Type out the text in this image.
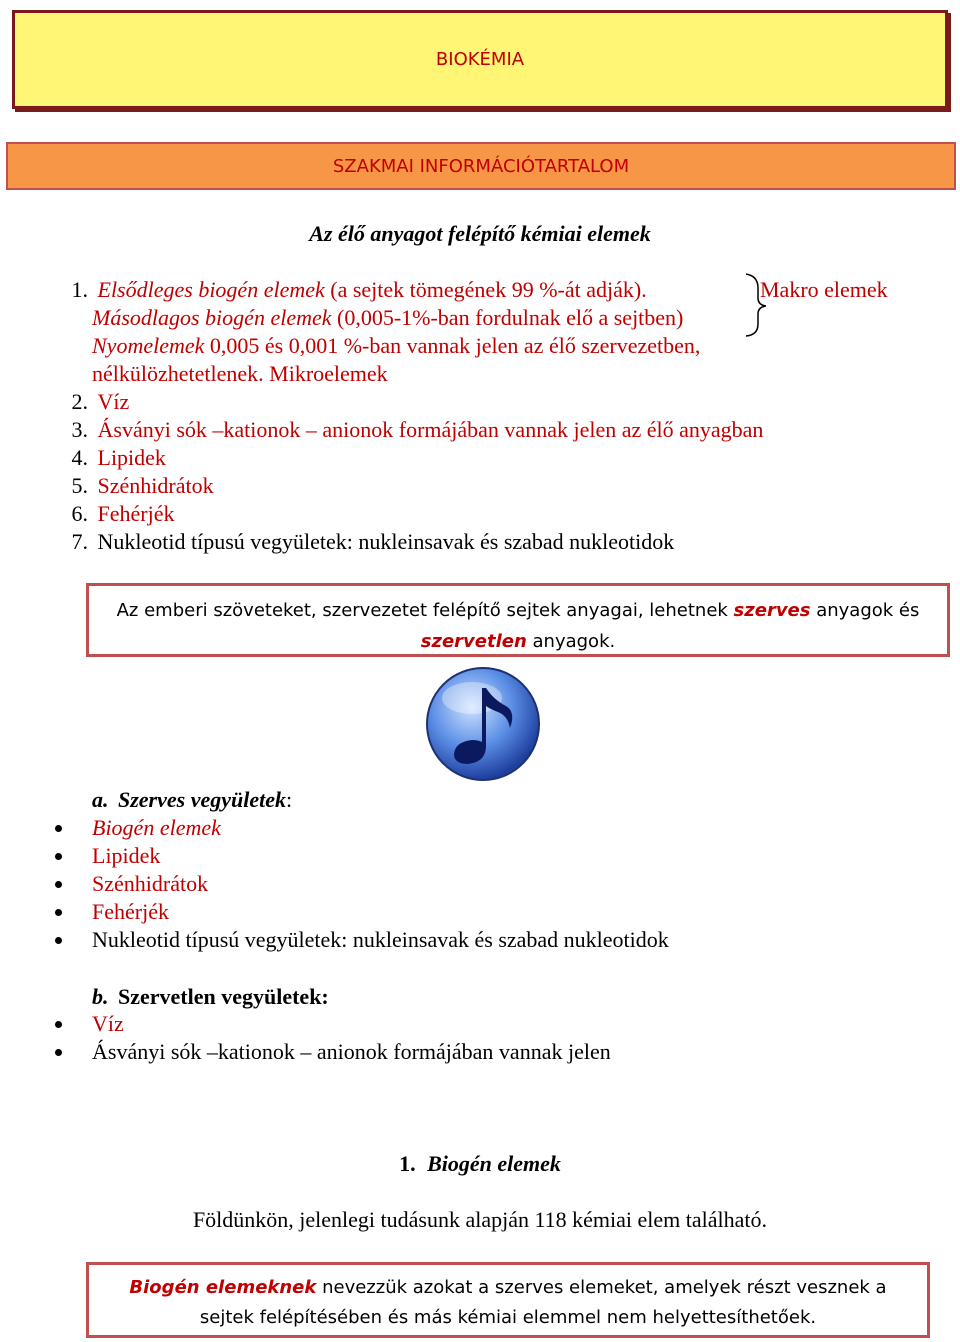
BIOKÉMIA
SZAKMAI INFORMÁCIÓTARTALOM
Az élő anyagot felépítő kémiai elemek
1. Elsődleges biogén elemek (a sejtek tömegének 99 %-át adják).
Másodlagos biogén elemek (0,005-1%-ban fordulnak elő a sejtben)
Nyomelemek 0,005 és 0,001 %-ban vannak jelen az élő szervezetben,
nélkülözhetetlenek. Mikroelemek
Makro elemek
2. Víz
3. Ásványi sók –kationok – anionok formájában vannak jelen az élő anyagban
4. Lipidek
5. Szénhidrátok
6. Fehérjék
7. Nukleotid típusú vegyületek: nukleinsavak és szabad nukleotidok
Az emberi szöveteket, szervezetet felépítő sejtek anyagai, lehetnek szerves anyagok és szervetlen anyagok.
a. Szerves vegyületek:
Biogén elemek
Lipidek
Szénhidrátok
Fehérjék
Nukleotid típusú vegyületek: nukleinsavak és szabad nukleotidok
b. Szervetlen vegyületek:
Víz
Ásványi sók –kationok – anionok formájában vannak jelen
1. Biogén elemek
Földünkön, jelenlegi tudásunk alapján 118 kémiai elem található.
Biogén elemeknek nevezzük azokat a szerves elemeket, amelyek részt vesznek a
sejtek felépítésében és más kémiai elemmel nem helyettesíthetőek.
